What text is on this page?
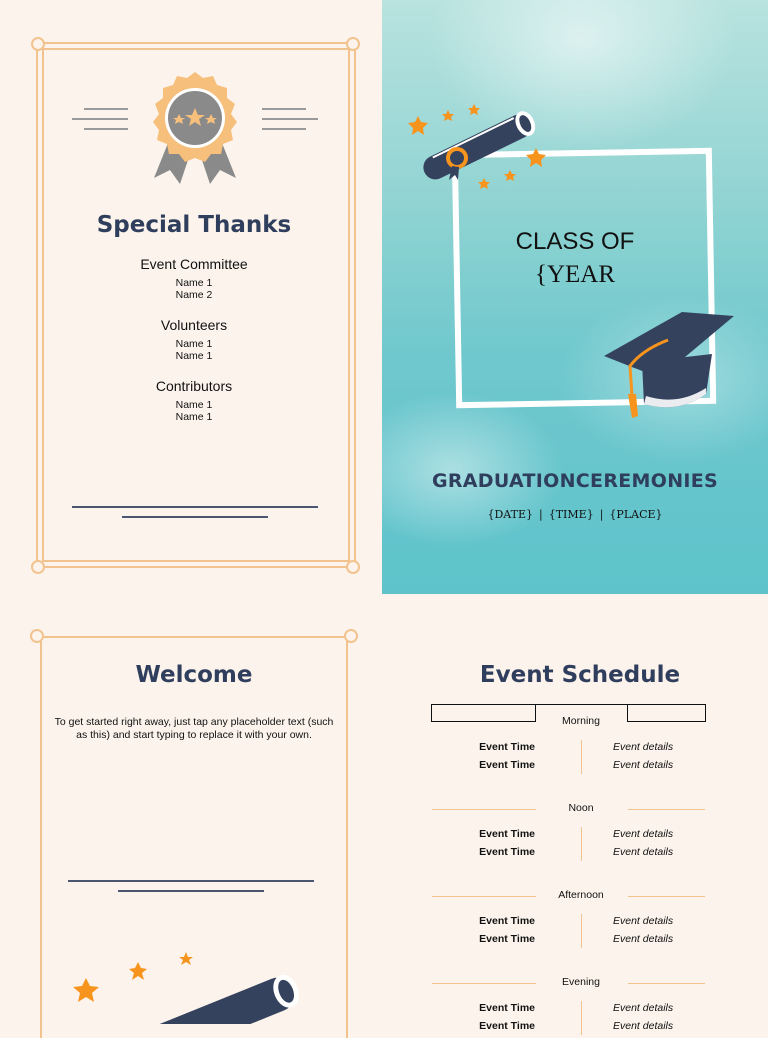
Special Thanks

Event Committee

Name 1

Name 2

Volunteers

Name 1

Name 1

Contributors

Name 1

Name 1

CLASS OF
{YEAR
GRADUATIONCEREMONIES
{DATE} | {TIME} | {PLACE}
Welcome

To get started right away, just tap any placeholder text (such as this) and start typing to replace it with your own.

Event Schedule
Morning
Event Time	Event details
Event Time	Event details
Noon
Event Time	Event details
Event Time	Event details
Afternoon
Event Time	Event details
Event Time	Event details
Evening
Event Time	Event details
Event Time	Event details
